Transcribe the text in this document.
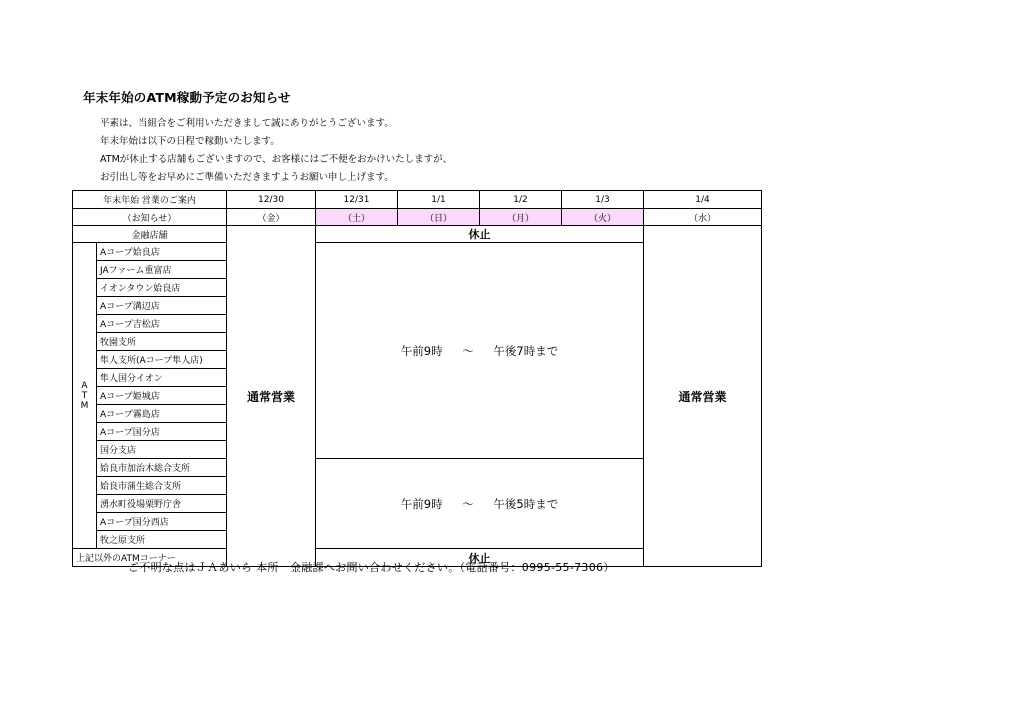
年末年始のATM稼動予定のお知らせ
平素は、当組合をご利用いただきまして誠にありがとうございます。
年末年始は以下の日程で稼動いたします。
ATMが休止する店舗もございますので、お客様にはご不便をおかけいたしますが、
お引出し等をお早めにご準備いただきますようお願い申し上げます。
年末年始 営業のご案内		12/30	12/31	1/1	1/2	1/3	1/4
（お知らせ）		（金）	（土）	（日）	（月）	（火）	（水）
金融店舗		通常営業	休止				通常営業

A
T
M	Aコープ姶良店		午前9時 ～ 午後7時まで				
	JAファーム重富店						
	イオンタウン姶良店						
	Aコープ溝辺店						
	Aコープ吉松店						
	牧園支所						
	隼人支所(Aコープ隼人店)						
	隼人国分イオン						
	Aコープ姫城店						
	Aコープ霧島店						
	Aコープ国分店						
	国分支店						
	姶良市加治木総合支所		午前9時 ～ 午後5時まで				
	姶良市蒲生総合支所						
	湧水町役場栗野庁舎						
	Aコープ国分西店						
	牧之原支所						
上記以外のATMコーナー			休止				
ご不明な点はＪＡあいら 本所　金融課へお問い合わせください。（電話番号：0995-55-7306）
